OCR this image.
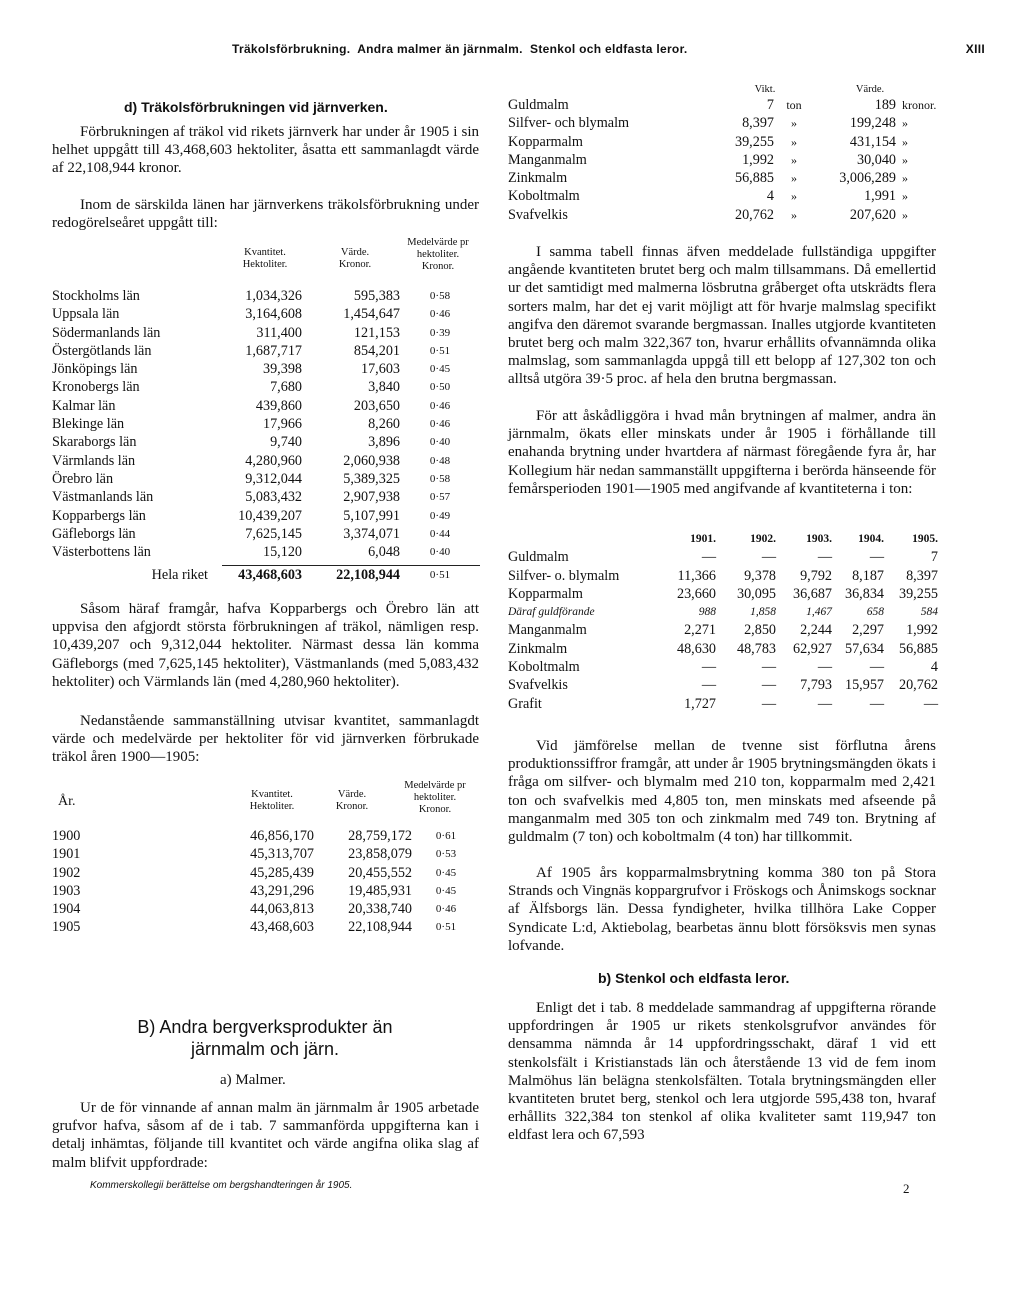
Träkolsförbrukning.  Andra malmer än järnmalm.  Stenkol och eldfasta leror.	XIII
d) Träkolsförbrukningen vid järnverken.
Förbrukningen af träkol vid rikets järnverk har under år 1905 i sin helhet uppgått till 43,468,603 hektoliter, åsatta ett sammanlagdt värde af 22,108,944 kronor.
Inom de särskilda länen har järnverkens träkolsförbrukning under redogörelseåret uppgått till:
Kvantitet.
Hektoliter.
Värde.
Kronor.
Medelvärde pr hektoliter.
Kronor.
Stockholms län	1,034,326	595,383	0·58
Uppsala län	3,164,608	1,454,647	0·46
Södermanlands län	311,400	121,153	0·39
Östergötlands län	1,687,717	854,201	0·51
Jönköpings län	39,398	17,603	0·45
Kronobergs län	7,680	3,840	0·50
Kalmar län	439,860	203,650	0·46
Blekinge län	17,966	8,260	0·46
Skaraborgs län	9,740	3,896	0·40
Värmlands län	4,280,960	2,060,938	0·48
Örebro län	9,312,044	5,389,325	0·58
Västmanlands län	5,083,432	2,907,938	0·57
Kopparbergs län	10,439,207	5,107,991	0·49
Gäfleborgs län	7,625,145	3,374,071	0·44
Västerbottens län	15,120	6,048	0·40
Hela riket	43,468,603	22,108,944	0·51
Såsom häraf framgår, hafva Kopparbergs och Örebro län att uppvisa den afgjordt största förbrukningen af träkol, nämligen resp. 10,439,207 och 9,312,044 hektoliter. Närmast dessa län komma Gäfleborgs (med 7,625,145 hektoliter), Västmanlands (med 5,083,432 hektoliter) och Värmlands län (med 4,280,960 hektoliter).
Nedanstående sammanställning utvisar kvantitet, sammanlagdt värde och medelvärde per hektoliter för vid järnverken förbrukade träkol åren 1900—1905:
År.	Kvantitet.
Hektoliter.
Värde.
Kronor.
Medelvärde pr hektoliter.
Kronor.
1900	46,856,170	28,759,172	0·61
1901	45,313,707	23,858,079	0·53
1902	45,285,439	20,455,552	0·45
1903	43,291,296	19,485,931	0·45
1904	44,063,813	20,338,740	0·46
1905	43,468,603	22,108,944	0·51
B) Andra bergverksprodukter än järnmalm och järn.
a) Malmer.
Ur de för vinnande af annan malm än järnmalm år 1905 arbetade grufvor hafva, såsom af de i tab. 7 sammanförda uppgifterna kan i detalj inhämtas, följande till kvantitet och värde angifna olika slag af malm blifvit uppfordrade:
Kommerskollegii berättelse om bergshandteringen år 1905.
Vikt.	Värde.
Guldmalm	7	ton	189	kronor.
Silfver- och blymalm	8,397	»	199,248	»
Kopparmalm	39,255	»	431,154	»
Manganmalm	1,992	»	30,040	»
Zinkmalm	56,885	»	3,006,289	»
Koboltmalm	4	»	1,991	»
Svafvelkis	20,762	»	207,620	»
I samma tabell finnas äfven meddelade fullständiga uppgifter angående kvantiteten brutet berg och malm tillsammans. Då emellertid ur det samtidigt med malmerna lösbrutna gråberget ofta utskrädts flera sorters malm, har det ej varit möjligt att för hvarje malmslag specifikt angifva den däremot svarande bergmassan. Inalles utgjorde kvantiteten brutet berg och malm 322,367 ton, hvarur erhållits ofvannämnda olika malmslag, som sammanlagda uppgå till ett belopp af 127,302 ton och alltså utgöra 39·5 proc. af hela den brutna bergmassan.
För att åskådliggöra i hvad mån brytningen af malmer, andra än järnmalm, ökats eller minskats under år 1905 i förhållande till enahanda brytning under hvartdera af närmast föregående fyra år, har Kollegium här nedan sammanställt uppgifterna i berörda hänseende för femårsperioden 1901—1905 med angifvande af kvantiteterna i ton:
	1901.	1902.	1903.	1904.	1905.
Guldmalm	—	—	—	—	7
Silfver- o. blymalm	11,366	9,378	9,792	8,187	8,397
Kopparmalm	23,660	30,095	36,687	36,834	39,255
Däraf guldförande	988	1,858	1,467	658	584
Manganmalm	2,271	2,850	2,244	2,297	1,992
Zinkmalm	48,630	48,783	62,927	57,634	56,885
Koboltmalm	—	—	—	—	4
Svafvelkis	—	—	7,793	15,957	20,762
Grafit	1,727	—	—	—	—
Vid jämförelse mellan de tvenne sist förflutna årens produktionssiffror framgår, att under år 1905 brytningsmängden ökats i fråga om silfver- och blymalm med 210 ton, kopparmalm med 2,421 ton och svafvelkis med 4,805 ton, men minskats med afseende på manganmalm med 305 ton och zinkmalm med 749 ton. Brytning af guldmalm (7 ton) och koboltmalm (4 ton) har tillkommit.
Af 1905 års kopparmalmsbrytning komma 380 ton på Stora Strands och Vingnäs koppargrufvor i Fröskogs och Ånimskogs socknar af Älfsborgs län. Dessa fyndigheter, hvilka tillhöra Lake Copper Syndicate L:d, Aktiebolag, bearbetas ännu blott försöksvis men synas lofvande.
b) Stenkol och eldfasta leror.
Enligt det i tab. 8 meddelade sammandrag af uppgifterna rörande uppfordringen år 1905 ur rikets stenkolsgrufvor användes för densamma nämnda år 14 uppfordringsschakt, däraf 1 vid ett stenkolsfält i Kristianstads län och återstående 13 vid de fem inom Malmöhus län belägna stenkolsfälten. Totala brytningsmängden eller kvantiteten brutet berg, stenkol och lera utgjorde 595,438 ton, hvaraf erhållits 322,384 ton stenkol af olika kvaliteter samt 119,947 ton eldfast lera och 67,593
2
